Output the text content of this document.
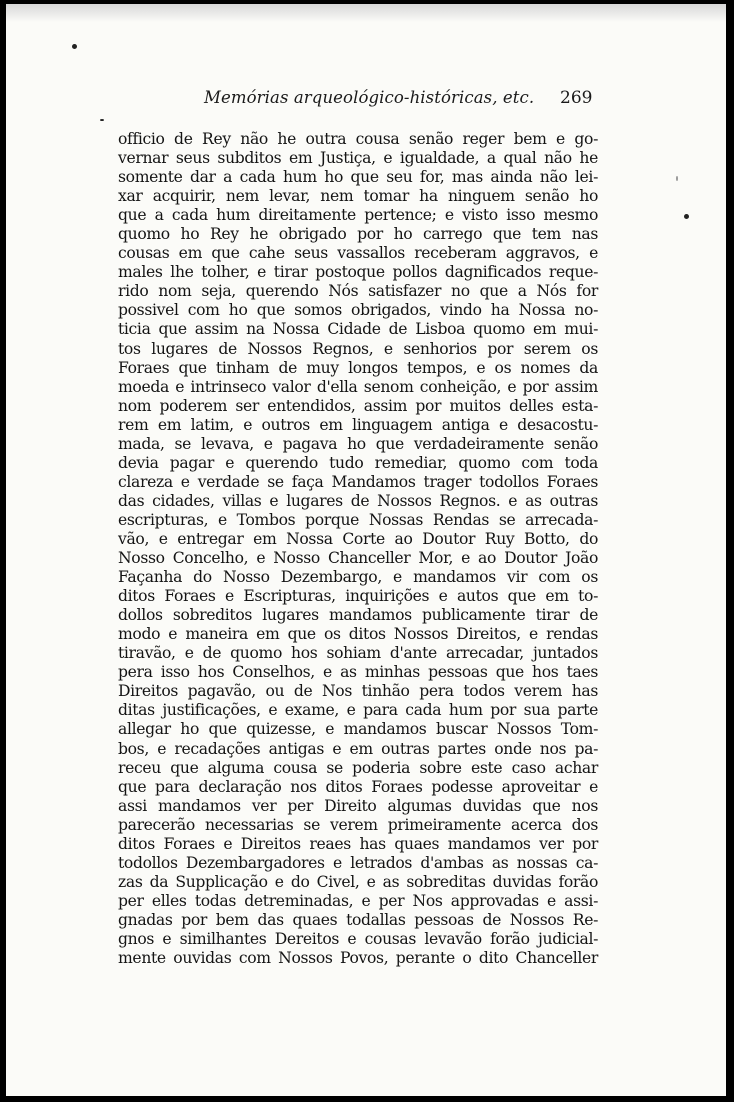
Memórias arqueológico-históricas, etc. 269
officio de Rey não he outra cousa senão reger bem e go-
vernar seus subditos em Justiça, e igualdade, a qual não he
somente dar a cada hum ho que seu for, mas ainda não lei-
xar acquirir, nem levar, nem tomar ha ninguem senão ho
que a cada hum direitamente pertence; e visto isso mesmo
quomo ho Rey he obrigado por ho carrego que tem nas
cousas em que cahe seus vassallos receberam aggravos, e
males lhe tolher, e tirar postoque pollos dagnificados reque-
rido nom seja, querendo Nós satisfazer no que a Nós for
possivel com ho que somos obrigados, vindo ha Nossa no-
ticia que assim na Nossa Cidade de Lisboa quomo em mui-
tos lugares de Nossos Regnos, e senhorios por serem os
Foraes que tinham de muy longos tempos, e os nomes da
moeda e intrinseco valor d'ella senom conheição, e por assim
nom poderem ser entendidos, assim por muitos delles esta-
rem em latim, e outros em linguagem antiga e desacostu-
mada, se levava, e pagava ho que verdadeiramente senão
devia pagar e querendo tudo remediar, quomo com toda
clareza e verdade se faça Mandamos trager todollos Foraes
das cidades, villas e lugares de Nossos Regnos. e as outras
escripturas, e Tombos porque Nossas Rendas se arrecada-
vão, e entregar em Nossa Corte ao Doutor Ruy Botto, do
Nosso Concelho, e Nosso Chanceller Mor, e ao Doutor João
Façanha do Nosso Dezembargo, e mandamos vir com os
ditos Foraes e Escripturas, inquirições e autos que em to-
dollos sobreditos lugares mandamos publicamente tirar de
modo e maneira em que os ditos Nossos Direitos, e rendas
tiravão, e de quomo hos sohiam d'ante arrecadar, juntados
pera isso hos Conselhos, e as minhas pessoas que hos taes
Direitos pagavão, ou de Nos tinhão pera todos verem has
ditas justificações, e exame, e para cada hum por sua parte
allegar ho que quizesse, e mandamos buscar Nossos Tom-
bos, e recadações antigas e em outras partes onde nos pa-
receu que alguma cousa se poderia sobre este caso achar
que para declaração nos ditos Foraes podesse aproveitar e
assi mandamos ver per Direito algumas duvidas que nos
parecerão necessarias se verem primeiramente acerca dos
ditos Foraes e Direitos reaes has quaes mandamos ver por
todollos Dezembargadores e letrados d'ambas as nossas ca-
zas da Supplicação e do Civel, e as sobreditas duvidas forão
per elles todas detreminadas, e per Nos approvadas e assi-
gnadas por bem das quaes todallas pessoas de Nossos Re-
gnos e similhantes Dereitos e cousas levavão forão judicial-
mente ouvidas com Nossos Povos, perante o dito Chanceller
